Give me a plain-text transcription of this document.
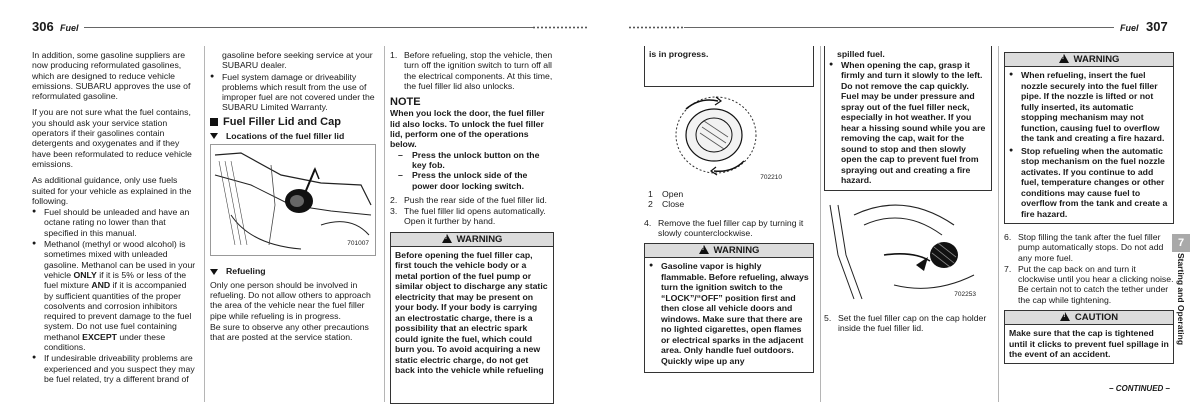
306 Fuel

In addition, some gasoline suppliers are now producing reformulated gasolines, which are designed to reduce vehicle emissions. SUBARU approves the use of reformulated gasoline.

If you are not sure what the fuel contains, you should ask your service station operators if their gasolines contain detergents and oxygenates and if they have been reformulated to reduce vehicle emissions.

As additional guidance, only use fuels suited for your vehicle as explained in the following.

● Fuel should be unleaded and have an octane rating no lower than that specified in this manual.
● Methanol (methyl or wood alcohol) is sometimes mixed with unleaded gasoline. Methanol can be used in your vehicle ONLY if it is 5% or less of the fuel mixture AND if it is accompanied by sufficient quantities of the proper cosolvents and corrosion inhibitors required to prevent damage to the fuel system. Do not use fuel containing methanol EXCEPT under these conditions.
● If undesirable driveability problems are experienced and you suspect they may be fuel related, try a different brand of

gasoline before seeking service at your SUBARU dealer.

● Fuel system damage or driveability problems which result from the use of improper fuel are not covered under the SUBARU Limited Warranty.
Fuel Filler Lid and Cap
Locations of the fuel filler lid
701007
Refueling

Only one person should be involved in refueling. Do not allow others to approach the area of the vehicle near the fuel filler pipe while refueling is in progress.

Be sure to observe any other precautions that are posted at the service station.

1. Before refueling, stop the vehicle, then turn off the ignition switch to turn off all the electrical components. At this time, the fuel filler lid also unlocks.
NOTE

When you lock the door, the fuel filler lid also locks. To unlock the fuel filler lid, perform one of the operations below.

– Press the unlock button on the key fob.
– Press the unlock side of the power door locking switch.
2. Push the rear side of the fuel filler lid.
3. The fuel filler lid opens automatically. Open it further by hand.
!WARNING
Before opening the fuel filler cap, first touch the vehicle body or a metal portion of the fuel pump or similar object to discharge any static electricity that may be present on your body. If your body is carrying an electrostatic charge, there is a possibility that an electric spark could ignite the fuel, which could burn you. To avoid acquiring a new static electric charge, do not get back into the vehicle while refueling
Fuel 307
is in progress.
702210
1 Open
2 Close
4. Remove the fuel filler cap by turning it slowly counterclockwise.
!WARNING
● Gasoline vapor is highly flammable. Before refueling, always turn the ignition switch to the “LOCK”/“OFF” position first and then close all vehicle doors and windows. Make sure that there are no lighted cigarettes, open flames or electrical sparks in the adjacent area. Only handle fuel outdoors. Quickly wipe up any
spilled fuel.
● When opening the cap, grasp it firmly and turn it slowly to the left. Do not remove the cap quickly. Fuel may be under pressure and spray out of the fuel filler neck, especially in hot weather. If you hear a hissing sound while you are removing the cap, wait for the sound to stop and then slowly open the cap to prevent fuel from spraying out and creating a fire hazard.
702253
5. Set the fuel filler cap on the cap holder inside the fuel filler lid.
!WARNING
● When refueling, insert the fuel nozzle securely into the fuel filler pipe. If the nozzle is lifted or not fully inserted, its automatic stopping mechanism may not function, causing fuel to overflow the tank and creating a fire hazard.
● Stop refueling when the automatic stop mechanism on the fuel nozzle activates. If you continue to add fuel, temperature changes or other conditions may cause fuel to overflow from the tank and create a fire hazard.
6. Stop filling the tank after the fuel filler pump automatically stops. Do not add any more fuel.
7. Put the cap back on and turn it clockwise until you hear a clicking noise. Be certain not to catch the tether under the cap while tightening.
!CAUTION
Make sure that the cap is tightened until it clicks to prevent fuel spillage in the event of an accident.
7
Starting and Operating
– CONTINUED –
